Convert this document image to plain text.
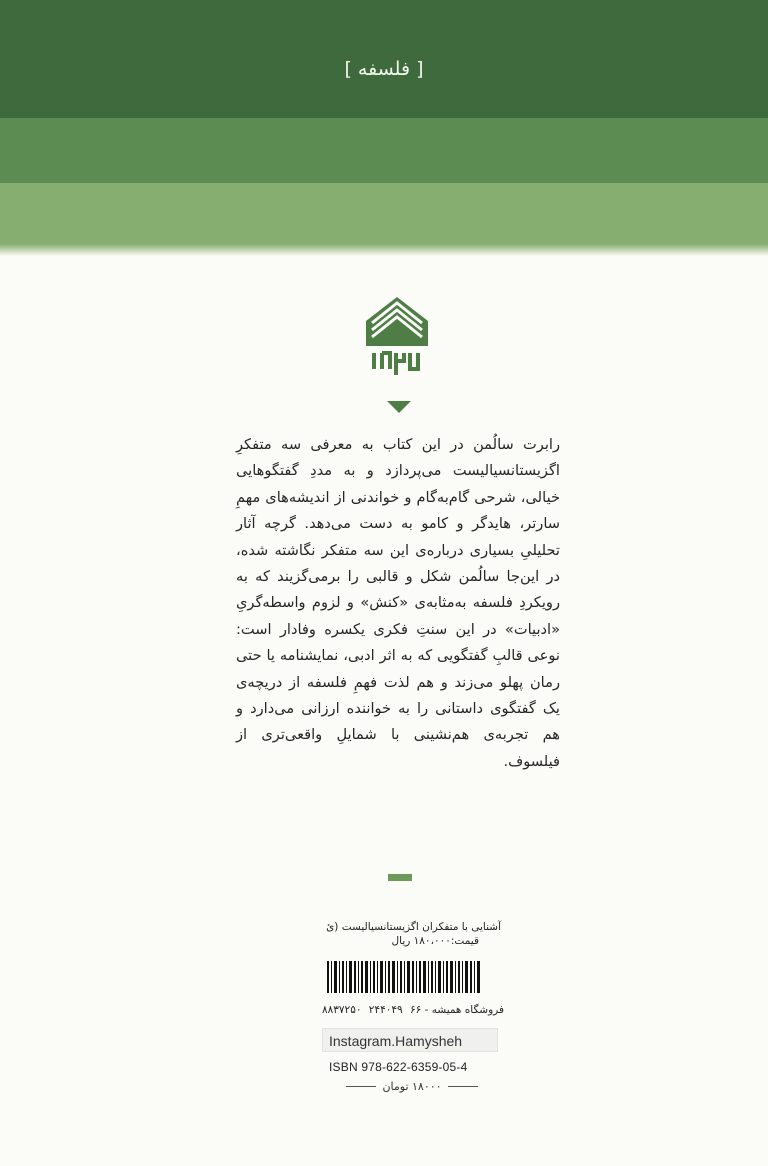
[ فلسفه ]

رابرت سالُمن در این کتاب به معرفی سه متفکرِ اگزیستانسیالیست می‌پردازد و به مددِ گفتگوهایی خیالی، شرحی گام‌به‌گام و خواندنی از اندیشه‌های مهمِ سارتر، هایدگر و کامو به دست می‌دهد. گرچه آثار تحلیلیِ بسیاری درباره‌ی این سه متفکر نگاشته شده، در این‌جا سالُمن شکل و قالبی را برمی‌گزیند که به رویکردِ فلسفه به‌مثابه‌ی «کنش» و لزوم واسطه‌گریِ «ادبیات» در این سنتِ فکری یکسره وفادار است: نوعی قالبِ گفتگویی که به اثر ادبی، نمایشنامه یا حتی رمان پهلو می‌زند و هم لذت فهمِ فلسفه از دریچه‌ی یک گفتگوی داستانی را به خواننده ارزانی می‌دارد و هم تجربه‌ی هم‌نشینی با شمایلِ واقعی‌تری از فیلسوف.

آشنایی با متفکران اگزیستانسیالیست (ئ
قیمت:۱۸۰،۰۰۰ ریال
فروشگاه همیشه - ۶۶
۲۴۴۰۴۹
۸۸۳۷۲۵۰
Instagram.Hamysheh
ISBN 978-622-6359-05-4
۱۸۰۰۰ تومان
